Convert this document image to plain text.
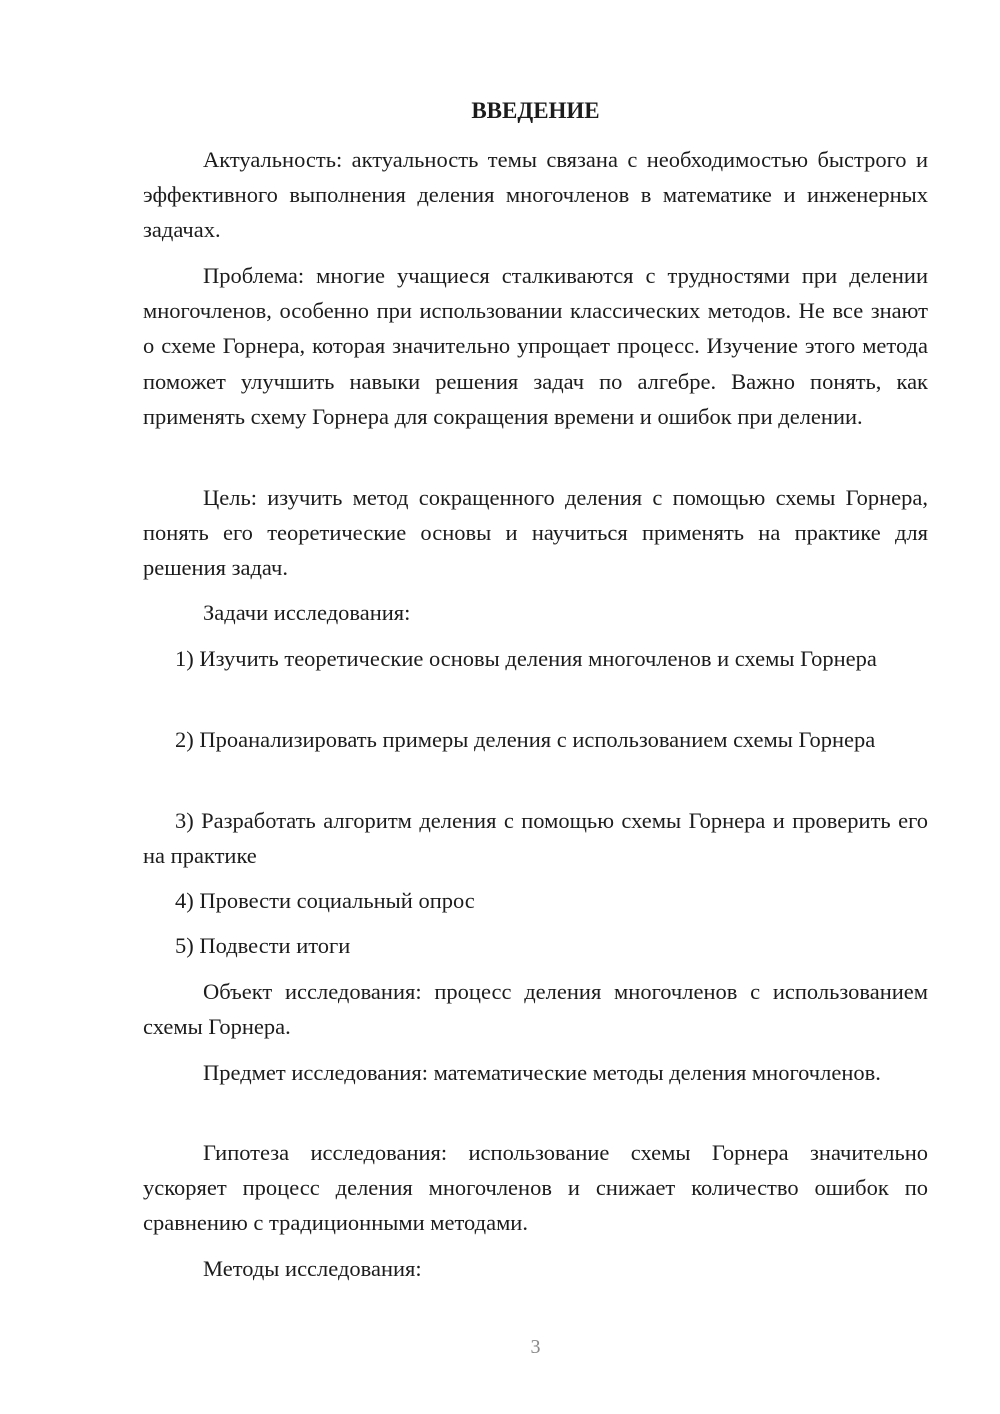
ВВЕДЕНИЕ

Актуальность: актуальность темы связана с необходимостью быстрого и эффективного выполнения деления многочленов в математике и инженерных задачах.

Проблема: многие учащиеся сталкиваются с трудностями при делении многочленов, особенно при использовании классических методов. Не все знают о схеме Горнера, которая значительно упрощает процесс. Изучение этого метода поможет улучшить навыки решения задач по алгебре. Важно понять, как применять схему Горнера для сокращения времени и ошибок при делении.

Цель: изучить метод сокращенного деления с помощью схемы Горнера, понять его теоретические основы и научиться применять на практике для решения задач.

Задачи исследования:

1) Изучить теоретические основы деления многочленов и схемы Горнера

2) Проанализировать примеры деления с использованием схемы Горнера

3) Разработать алгоритм деления с помощью схемы Горнера и проверить его на практике

4) Провести социальный опрос

5) Подвести итоги

Объект исследования: процесс деления многочленов с использованием схемы Горнера.

Предмет исследования: математические методы деления многочленов.

Гипотеза исследования: использование схемы Горнера значительно ускоряет процесс деления многочленов и снижает количество ошибок по сравнению с традиционными методами.

Методы исследования:

3
